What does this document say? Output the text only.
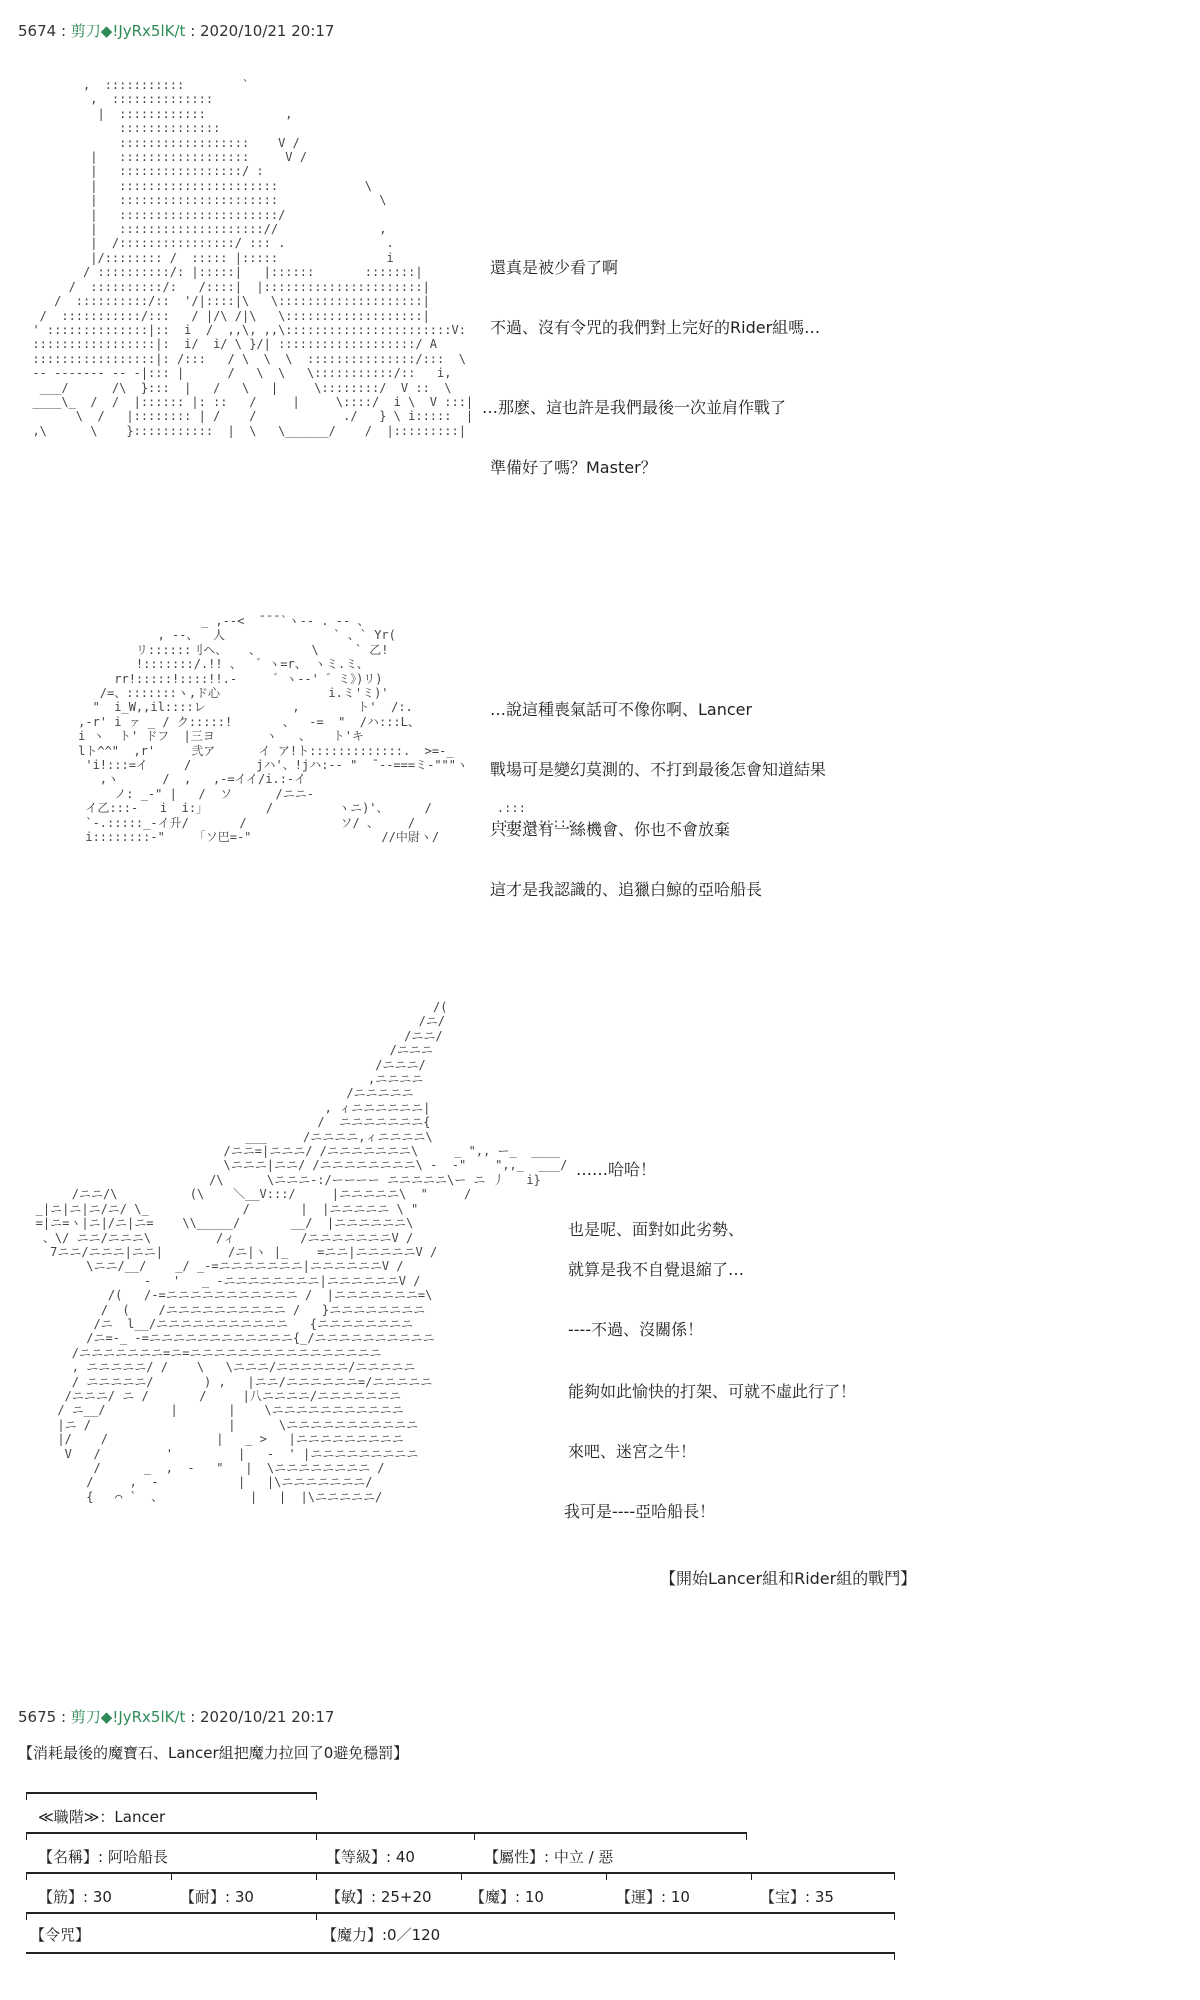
5674 : 剪刀◆!JyRx5lK/t : 2020/10/21 20:17
,  :::::::::::        `
,  ::::::::::::::
|  ::::::::::::           ,
::::::::::::::
::::::::::::::::::    V /
|   ::::::::::::::::::     V /
|   :::::::::::::::::/ :
|   ::::::::::::::::::::::            \
|   ::::::::::::::::::::::              \
|   ::::::::::::::::::::::/
|   :::::::::::::::::::://              ,
|  /::::::::::::::::/ ::: .              .
|/:::::::: /  ::::: |:::::               i
/ ::::::::::/: |:::::|   |::::::       :::::::|
/  ::::::::::/:   /::::|  |::::::::::::::::::::::|
/  ::::::::::/::  '/|::::|\   \::::::::::::::::::::|
/  :::::::::::/:::   / |/\ /|\   \:::::::::::::::::::|
' ::::::::::::::|::  i  /  ,,\, ,,\:::::::::::::::::::::::V:
:::::::::::::::::|:  i/  i/ \ }/| :::::::::::::::::::/ A
:::::::::::::::::|: /:::   / \  \  \  :::::::::::::::/:::  \
-- ------- -- -|::: |      /   \  \   \:::::::::::/::   i,
___/      /\  }:::  |   /   \   |     \::::::::/  V ::  \
____\_  /  /  |:::::: |: ::   /     |     \::::/  i \  V :::|
\  /   |:::::::: | /    /            ./   } \ i:::::  |
,\      \    }:::::::::::  |  \   \______/    /  |:::::::::|

還真是被少看了啊
不過、沒有令咒的我們對上完好的Rider組嗎…
…那麽、這也許是我們最後一次並肩作戰了
準備好了嗎？Master？
_ ,--<  ̄ ̄ ̄ `ヽ-- . -- 、
, --、  人               ` 、` Yr(
リ::::::刂ヘ、   、       \     ` 乙!
!:::::::/.!! 、  ゛ヽ=r、 ヽミ.ミ、
rr!:::::!::::!!.-     ゛ヽ--' ゛ミ》)リ)
/=、:::::::ヽ,ド心               i.ミ'ミ)'
"  i_W,,il::::レ            ,        ト'  /:.
,-r' i ァ _ / ク:::::!       、  -=  "  /ハ:::L、
i ヽ  ト' ドフ  |三ヨ       ヽ   、   ト'キ
lト^^"  ,r'     弐ア      イ ア!ト:::::::::::::.  >=-_
'i!:::=イ     /         jハ'、!jハ:-- "  ̄ --===ミ-"""ヽ
,ヽ      /  ,   ,-=イイ/i.:-イ
ノ: _-" |   /  ソ      /ニニ-
イ乙:::-   i  i:」        /         ヽニ)'、     /         .:::
`-.:::::_-イ升/       /             ソ/ 、    /           :::::::::::
i::::::::-"    「ソ巴=-"                  //中尉ヽ/

…說這種喪氣話可不像你啊、Lancer
戰場可是變幻莫測的、不打到最後怎會知道結果
只要還有一絲機會、你也不會放棄
這才是我認識的、追獵白鯨的亞哈船長
/(
/ニ/
/ニニ/
/ニニニ
/ニニニ/
,ニニニニ
/ニニニニニ
, ィニニニニニニ|
/  ニニニニニニニ{
___     /ニニニニ,ィニニニニ\
/ニニ=|ニニニ/ /ニニニニニニニ\     _ ",, ー_  ____
\ニニニ|ニニ/ /ニニニニニニニニ\ -  -"    ",,_  ___/
/\      \ニニニ-:/ーーーー ニニニニニ\ー ニ 丿   i}
/ニニ/\          (\    ＼__V:::/     |ニニニニニ\  "     /
_|ニ|ニ|ニ/ニ/ \_             /       |  |ニニニニニ \ "
=|ニ=ヽ|ニ|/ニ|ニ=    \\_____/       __/  |ニニニニニニ\
、\/ ニニ/ニニニ\         /ィ         /ニニニニニニニV /
7ニニ/ニニニ|ニニ|         /ニ|ヽ |_    =ニニ|ニニニニニV /
\ニニ/__/    _/ _-=ニニニニニニニ|ニニニニニニV /
-   '   _ -ニニニニニニニニ|ニニニニニニV /
/(   /-=ニニニニニニニニニニニ /  |ニニニニニニニ=\
/  (    /ニニニニニニニニニニ /   }ニニニニニニニニ
/ニ  l__/ニニニニニニニニニニニ   {ニニニニニニニニ
/ニ=-_ -=ニニニニニニニニニニニニ{_/ニニニニニニニニニニ
/ニニニニニニニ=ニ=ニニニニニニニニニニニニニニニニ
, ニニニニニ/ /    \   \ニニニ/ニニニニニニ/ニニニニニ
/ ニニニニニ/       ) ,   |ニニ/ニニニニニニ=/ニニニニニ
/ニニニ/ ニ /       /     |八ニニニニ/ニニニニニニニ
/ ニ__/         |       |    \ニニニニニニニニニニニ
|ニ /                   |      \ニニニニニニニニニニニ
|/    /               |   _ >   |ニニニニニニニニニ
V   /         '         |   -  ' |ニニニニニニニニニ
/      _  ,  -   "   |  \ニニニニニニニニ /
/     ,  -           |   |\ニニニニニニニ/
{   ⌒ `  、            |   |  |\ニニニニニ/

……哈哈！
也是呢、面對如此劣勢、
就算是我不自覺退縮了…
----不過、沒關係！
能夠如此愉快的打架、可就不虛此行了！
來吧、迷宮之牛！
我可是----亞哈船長！
【開始Lancer組和Rider組的戰鬥】
5675 : 剪刀◆!JyRx5lK/t : 2020/10/21 20:17
【消耗最後的魔寶石、Lancer組把魔力拉回了0避免穩罰】
≪職階≫：Lancer
【名稱】: 阿哈船長	【等級】: 40	【屬性】: 中立 / 惡
【筋】: 30	【耐】: 30	【敏】: 25+20	【魔】: 10	【運】: 10	【宝】: 35
【令咒】	【魔力】:0／120
